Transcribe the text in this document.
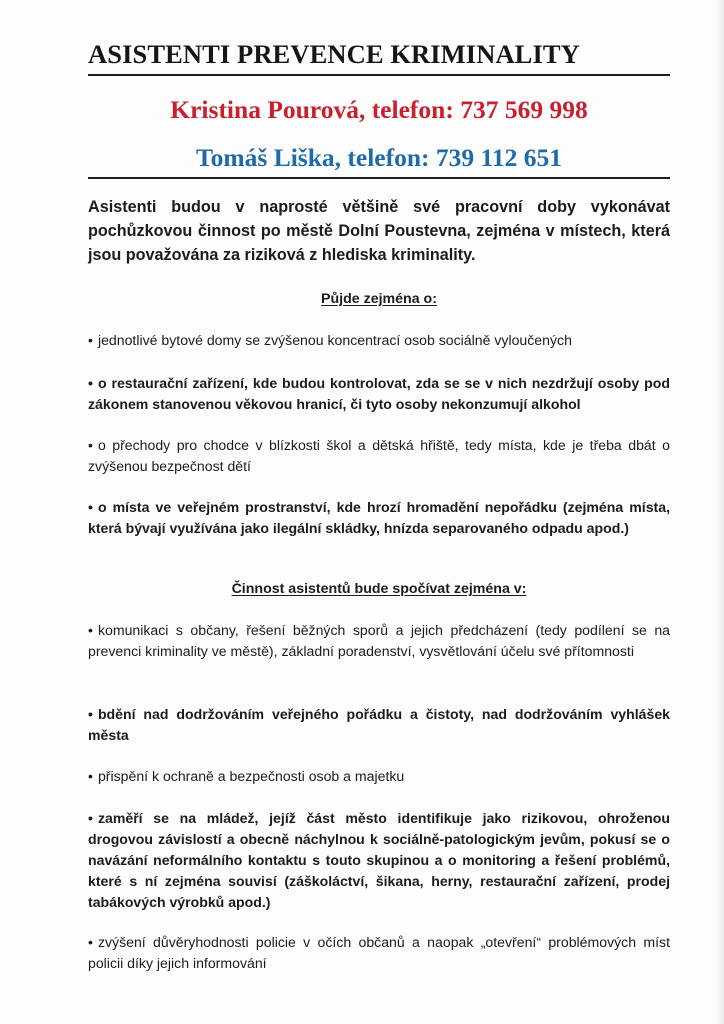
ASISTENTI PREVENCE KRIMINALITY
Kristina Pourová, telefon: 737 569 998
Tomáš Liška, telefon: 739 112 651
Asistenti budou v naprosté většině své pracovní doby vykonávat pochůzkovou činnost po městě Dolní Poustevna, zejména v místech, která jsou považována za riziková z hlediska kriminality.
Půjde zejména o:
• jednotlivé bytové domy se zvýšenou koncentrací osob sociálně vyloučených
• o restaurační zařízení, kde budou kontrolovat, zda se se v nich nezdržují osoby pod zákonem stanovenou věkovou hranicí, či tyto osoby nekonzumují alkohol
• o přechody pro chodce v blízkosti škol a dětská hřiště, tedy místa, kde je třeba dbát o zvýšenou bezpečnost dětí
• o místa ve veřejném prostranství, kde hrozí hromadění nepořádku (zejména místa, která bývají využívána jako ilegální skládky, hnízda separovaného odpadu apod.)
Činnost asistentů bude spočívat zejména v:
• komunikaci s občany, řešení běžných sporů a jejich předcházení (tedy podílení se na prevenci kriminality ve městě), základní poradenství, vysvětlování účelu své přítomnosti
• bdění nad dodržováním veřejného pořádku a čistoty, nad dodržováním vyhlášek města
• přispění k ochraně a bezpečnosti osob a majetku
• zaměří se na mládež, jejíž část město identifikuje jako rizikovou, ohroženou drogovou závislostí a obecně náchylnou k sociálně-patologickým jevům, pokusí se o navázání neformálního kontaktu s touto skupinou a o monitoring a řešení problémů, které s ní zejména souvisí (záškoláctví, šikana, herny, restaurační zařízení, prodej tabákových výrobků apod.)
• zvýšení důvěryhodnosti policie v očích občanů a naopak „otevření“ problémových míst policii díky jejich informování
